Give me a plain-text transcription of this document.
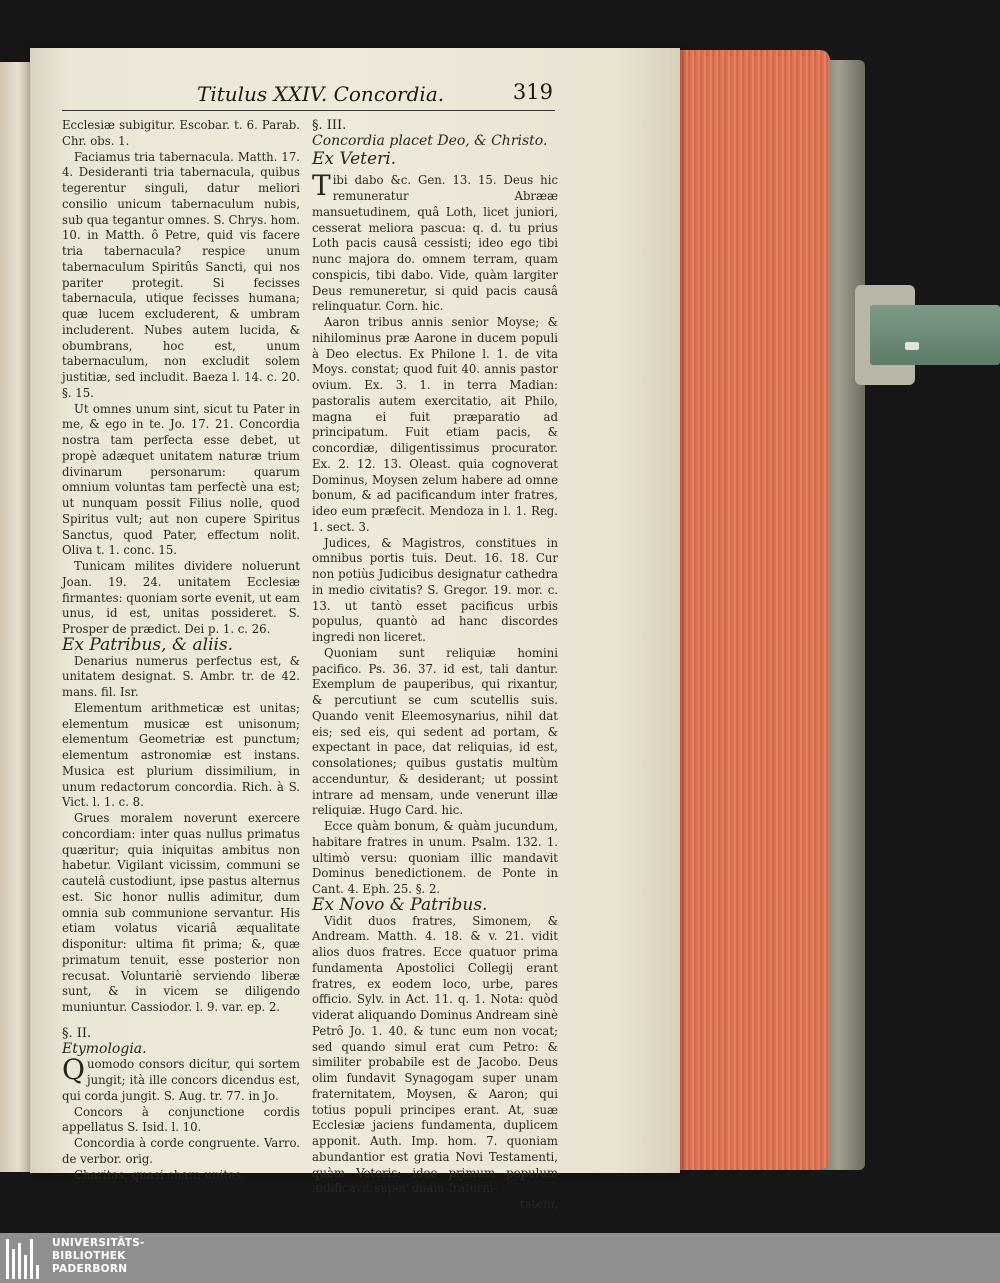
Titulus XXIV. Concordia.	319

Ecclesiæ subigitur. Escobar. t. 6. Parab. Chr. obs. 1.

Faciamus tria tabernacula. Matth. 17. 4. Desideranti tria tabernacula, quibus tegerentur singuli, datur meliori consilio unicum tabernaculum nubis, sub qua tegantur omnes. S. Chrys. hom. 10. in Matth. ô Petre, quid vis facere tria tabernacula? respice unum tabernaculum Spiritûs Sancti, qui nos pariter protegit. Si fecisses tabernacula, utique fecisses humana; quæ lucem excluderent, & umbram includerent. Nubes autem lucida, & obumbrans, hoc est, unum tabernaculum, non excludit solem justitiæ, sed includit. Baeza l. 14. c. 20. §. 15.

Ut omnes unum sint, sicut tu Pater in me, & ego in te. Jo. 17. 21. Concordia nostra tam perfecta esse debet, ut propè adæquet unitatem naturæ trium divinarum personarum: quarum omnium voluntas tam perfectè una est; ut nunquam possit Filius nolle, quod Spiritus vult; aut non cupere Spiritus Sanctus, quod Pater, effectum nolit. Oliva t. 1. conc. 15.

Tunicam milites dividere noluerunt Joan. 19. 24. unitatem Ecclesiæ firmantes: quoniam sorte evenit, ut eam unus, id est, unitas possideret. S. Prosper de prædict. Dei p. 1. c. 26.

Ex Patribus, & aliis.

Denarius numerus perfectus est, & unitatem designat. S. Ambr. tr. de 42. mans. fil. Isr.

Elementum arithmeticæ est unitas; elementum musicæ est unisonum; elementum Geometriæ est punctum; elementum astronomiæ est instans. Musica est plurium dissimilium, in unum redactorum concordia. Rich. à S. Vict. l. 1. c. 8.

Grues moralem noverunt exercere concordiam: inter quas nullus primatus quæritur; quia iniquitas ambitus non habetur. Vigilant vicissim, communi se cautelâ custodiunt, ipse pastus alternus est. Sic honor nullis adimitur, dum omnia sub communione servantur. His etiam volatus vicariâ æqualitate disponitur: ultima fit prima; &, quæ primatum tenuit, esse posterior non recusat. Voluntariè serviendo liberæ sunt, & in vicem se diligendo muniuntur. Cassiodor. l. 9. var. ep. 2.

§. II.

Etymologia.

Quomodo consors dicitur, qui sortem jungit; ità ille concors dicendus est, qui corda jungit. S. Aug. tr. 77. in Jo.

Concors à conjunctione cordis appellatus S. Isid. l. 10.

Concordia à corde congruente. Varro. de verbor. orig.

Charitas, quasi chara unitas.

§. III.

Concordia placet Deo, & Christo.

Ex Veteri.

Tibi dabo &c. Gen. 13. 15. Deus hic remuneratur Abrææ mansuetudinem, quâ Loth, licet juniori, cesserat meliora pascua: q. d. tu prius Loth pacis causâ cessisti; ideo ego tibi nunc majora do. omnem terram, quam conspicis, tibi dabo. Vide, quàm largiter Deus remuneretur, si quid pacis causâ relinquatur. Corn. hic.

Aaron tribus annis senior Moyse; & nihilominus præ Aarone in ducem populi à Deo electus. Ex Philone l. 1. de vita Moys. constat; quod fuit 40. annis pastor ovium. Ex. 3. 1. in terra Madian: pastoralis autem exercitatio, ait Philo, magna ei fuit præparatio ad principatum. Fuit etiam pacis, & concordiæ, diligentissimus procurator. Ex. 2. 12. 13. Oleast. quia cognoverat Dominus, Moysen zelum habere ad omne bonum, & ad pacificandum inter fratres, ideo eum præfecit. Mendoza in l. 1. Reg. 1. sect. 3.

Judices, & Magistros, constitues in omnibus portis tuis. Deut. 16. 18. Cur non potiùs Judicibus designatur cathedra in medio civitatis? S. Gregor. 19. mor. c. 13. ut tantò esset pacificus urbis populus, quantò ad hanc discordes ingredi non liceret.

Quoniam sunt reliquiæ homini pacifico. Ps. 36. 37. id est, tali dantur. Exemplum de pauperibus, qui rixantur, & percutiunt se cum scutellis suis. Quando venit Eleemosynarius, nihil dat eis; sed eis, qui sedent ad portam, & expectant in pace, dat reliquias, id est, consolationes; quibus gustatis multùm accenduntur, & desiderant; ut possint intrare ad mensam, unde venerunt illæ reliquiæ. Hugo Card. hic.

Ecce quàm bonum, & quàm jucundum, habitare fratres in unum. Psalm. 132. 1. ultimò versu: quoniam illic mandavit Dominus benedictionem. de Ponte in Cant. 4. Eph. 25. §. 2.

Ex Novo & Patribus.

Vidit duos fratres, Simonem, & Andream. Matth. 4. 18. & v. 21. vidit alios duos fratres. Ecce quatuor prima fundamenta Apostolici Collegij erant fratres, ex eodem loco, urbe, pares officio. Sylv. in Act. 11. q. 1. Nota: quòd viderat aliquando Dominus Andream sinè Petrô Jo. 1. 40. & tunc eum non vocat; sed quando simul erat cum Petro: & similiter probabile est de Jacobo. Deus olim fundavit Synagogam super unam fraternitatem, Moysen, & Aaron; qui totius populi principes erant. At, suæ Ecclesiæ jaciens fundamenta, duplicem apponit. Auth. Imp. hom. 7. quoniam abundantior est gratia Novi Testamenti, quàm Veteris; ideo primum populum ædificavit super unam fraterni-

tatem,

UNIVERSITÄTS-
BIBLIOTHEK
PADERBORN
